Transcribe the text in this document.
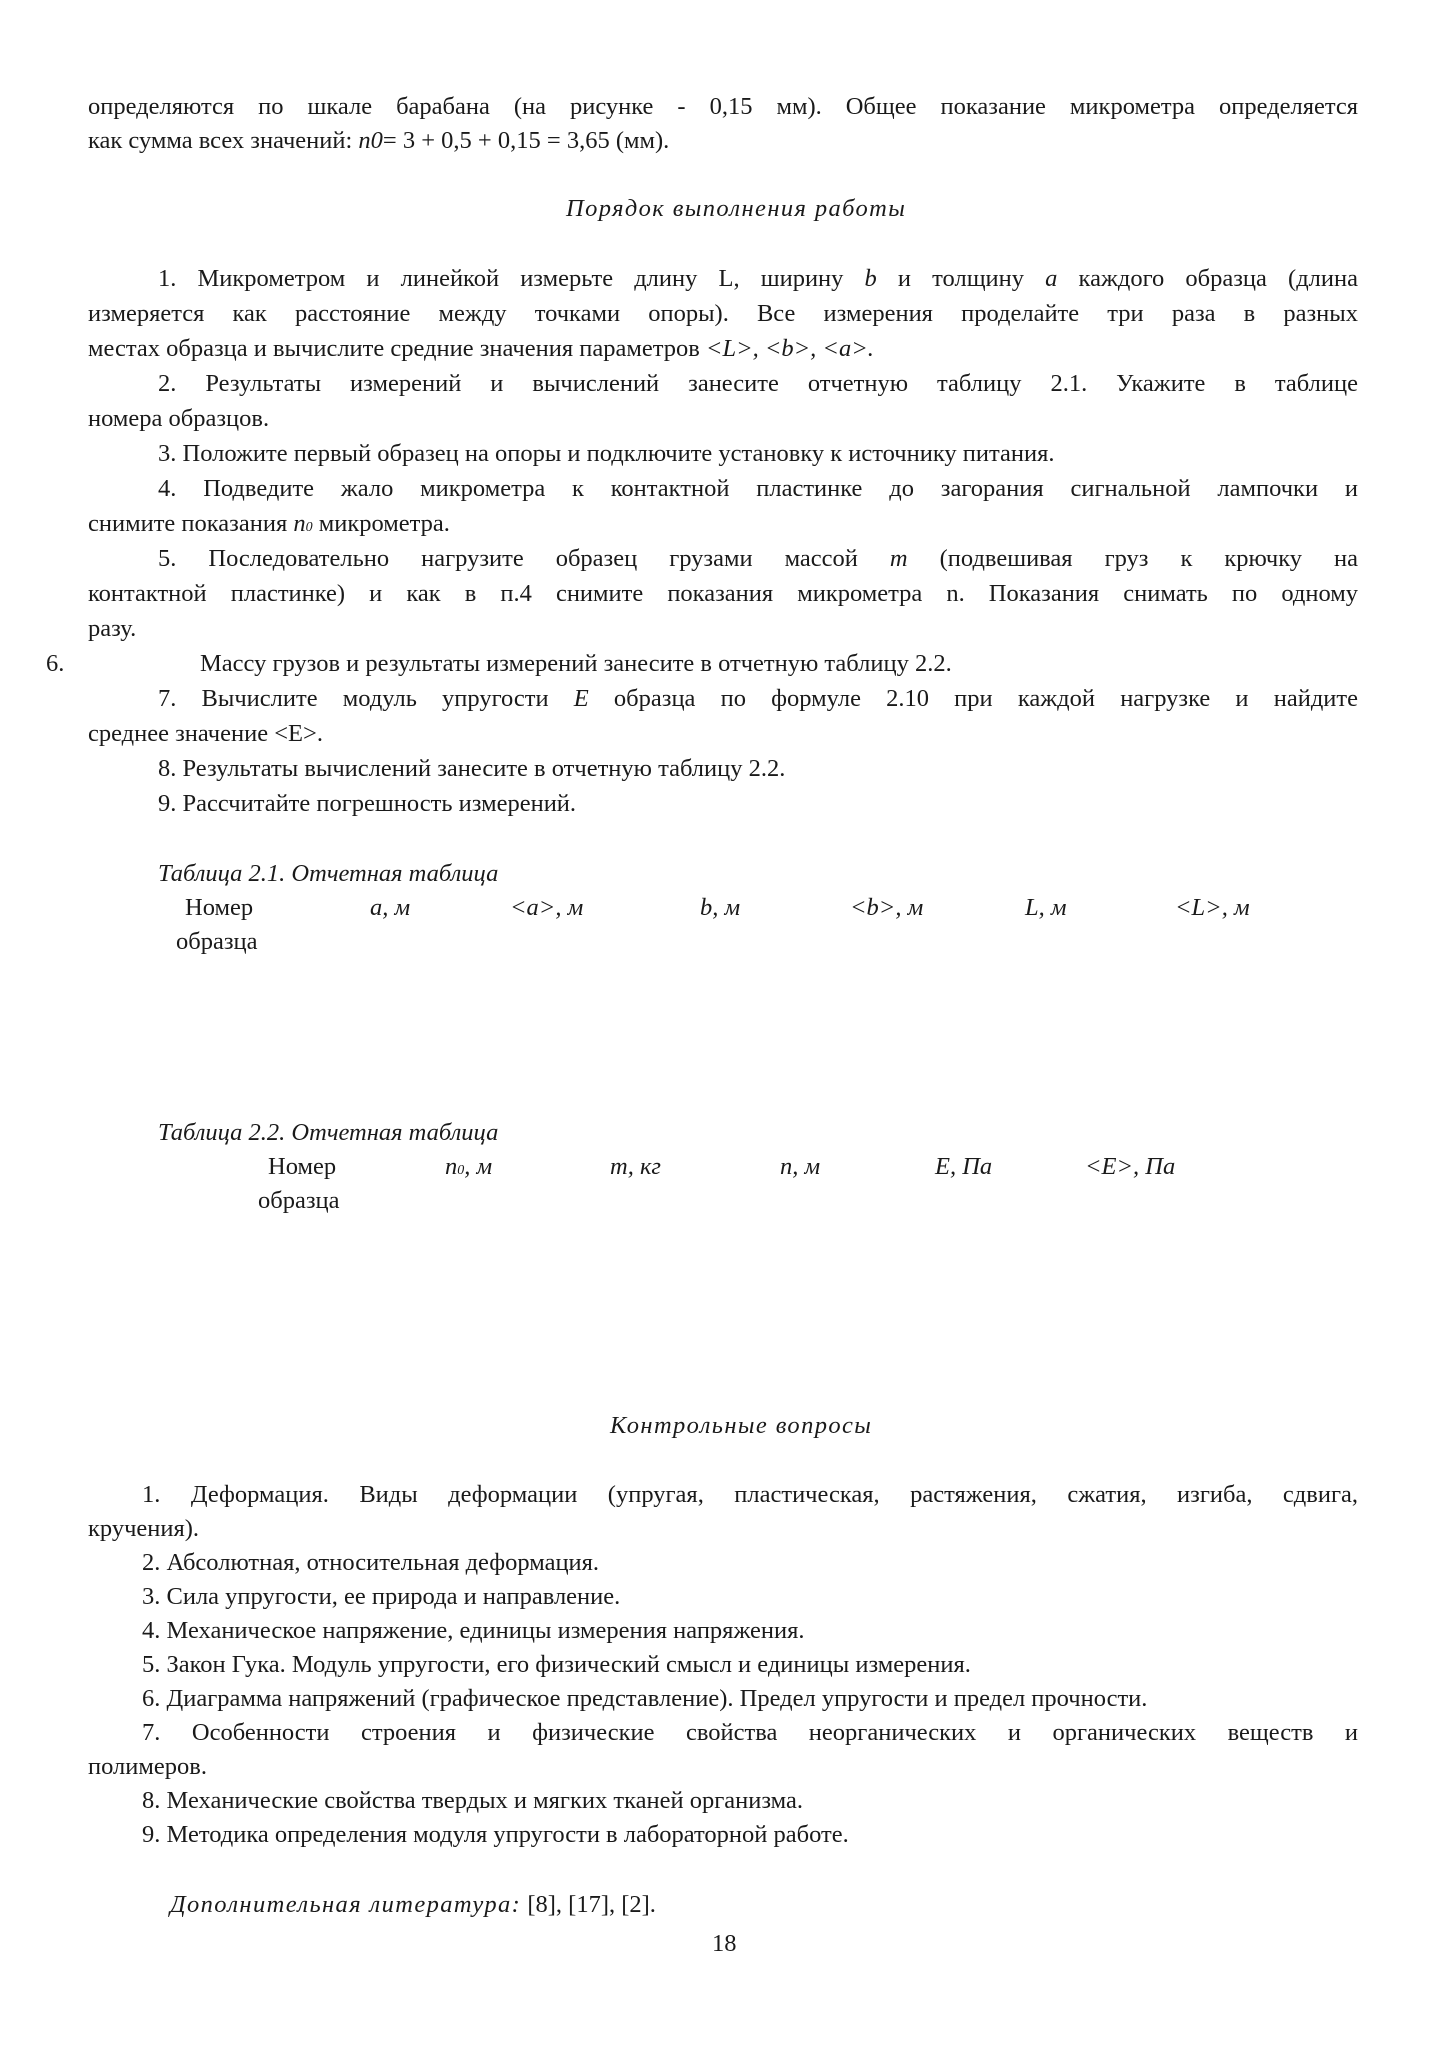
определяются по шкале барабана (на рисунке - 0,15 мм). Общее показание микрометра определяется
как сумма всех значений: n0= 3 + 0,5 + 0,15 = 3,65 (мм).
Порядок выполнения работы
1. Микрометром и линейкой измерьте длину L, ширину b и толщину a каждого образца (длина
измеряется как расстояние между точками опоры). Все измерения проделайте три раза в разных
местах образца и вычислите средние значения параметров <L>, <b>, <a>.
2. Результаты измерений и вычислений занесите отчетную таблицу 2.1. Укажите в таблице
номера образцов.
3. Положите первый образец на опоры и подключите установку к источнику питания.
4. Подведите жало микрометра к контактной пластинке до загорания сигнальной лампочки и
снимите показания n0 микрометра.
5. Последовательно нагрузите образец грузами массой m (подвешивая груз к крючку на
контактной пластинке) и как в п.4 снимите показания микрометра n. Показания снимать по одному
разу.
6.	Массу грузов и результаты измерений занесите в отчетную таблицу 2.2.
7. Вычислите модуль упругости E образца по формуле 2.10 при каждой нагрузке и найдите
среднее значение <E>.
8. Результаты вычислений занесите в отчетную таблицу 2.2.
9. Рассчитайте погрешность измерений.
Таблица 2.1. Отчетная таблица
Номер
образца
a, м	<a>, м	b, м	<b>, м	L, м	<L>, м
Таблица 2.2. Отчетная таблица
Номер
образца
n0, м	m, кг	n, м	E, Па	<E>, Па
Контрольные вопросы
1. Деформация. Виды деформации (упругая, пластическая, растяжения, сжатия, изгиба, сдвига,
кручения).
2. Абсолютная, относительная деформация.
3. Сила упругости, ее природа и направление.
4. Механическое напряжение, единицы измерения напряжения.
5. Закон Гука. Модуль упругости, его физический смысл и единицы измерения.
6. Диаграмма напряжений (графическое представление). Предел упругости и предел прочности.
7. Особенности строения и физические свойства неорганических и органических веществ и
полимеров.
8. Механические свойства твердых и мягких тканей организма.
9. Методика определения модуля упругости в лабораторной работе.
Дополнительная литература: [8], [17], [2].
18
